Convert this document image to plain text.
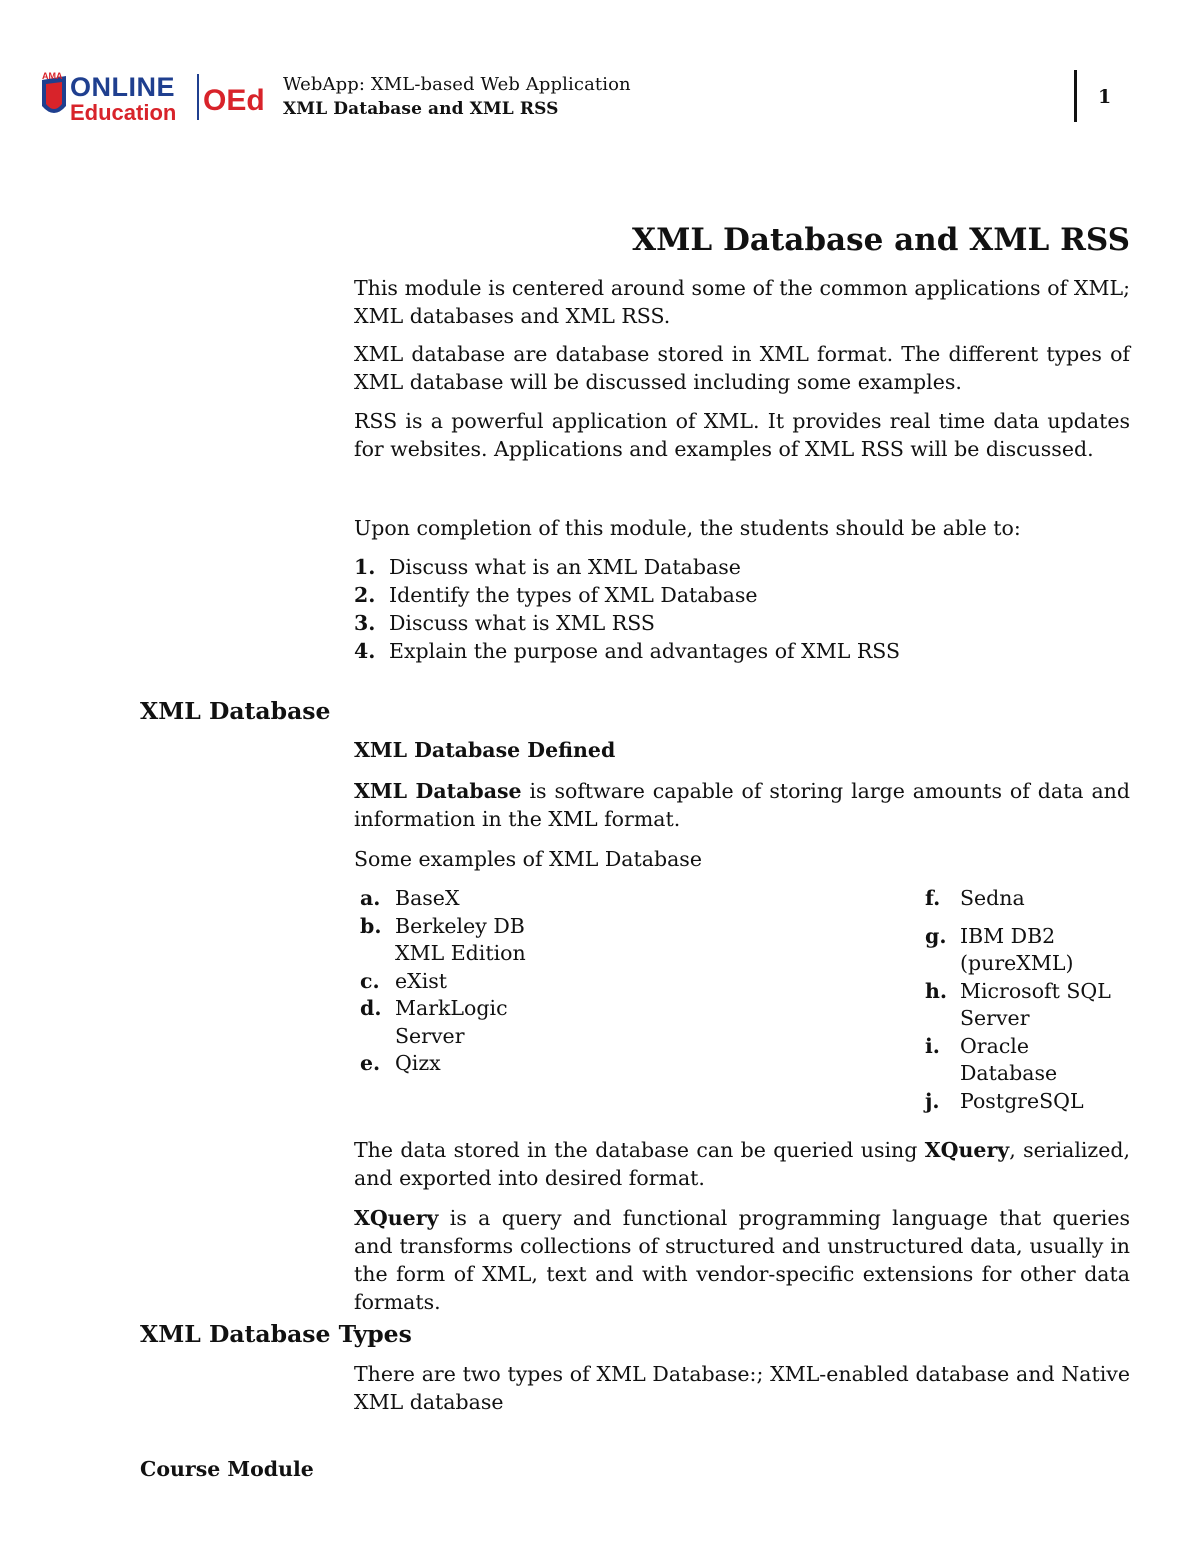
AMA ONLINE
Education OEd WebApp: XML-based Web Application
XML Database and XML RSS
1
XML Database and XML RSS
This module is centered around some of the common applications of XML; XML databases and XML RSS.
XML database are database stored in XML format. The different types of XML database will be discussed including some examples.
RSS is a powerful application of XML. It provides real time data updates for websites. Applications and examples of XML RSS will be discussed.
Upon completion of this module, the students should be able to:
1. Discuss what is an XML Database
2. Identify the types of XML Database
3. Discuss what is XML RSS
4. Explain the purpose and advantages of XML RSS
XML Database
XML Database Defined
XML Database is software capable of storing large amounts of data and information in the XML format.
Some examples of XML Database
a. BaseX
b. Berkeley DB XML Edition
c. eXist
d. MarkLogic Server
e. Qizx
f. Sedna
g. IBM DB2 (pureXML)
h. Microsoft SQL Server
i. Oracle Database
j. PostgreSQL
The data stored in the database can be queried using XQuery, serialized, and exported into desired format.
XQuery is a query and functional programming language that queries and transforms collections of structured and unstructured data, usually in the form of XML, text and with vendor-specific extensions for other data formats.
XML Database Types
There are two types of XML Database:; XML-enabled database and Native XML database
Course Module
